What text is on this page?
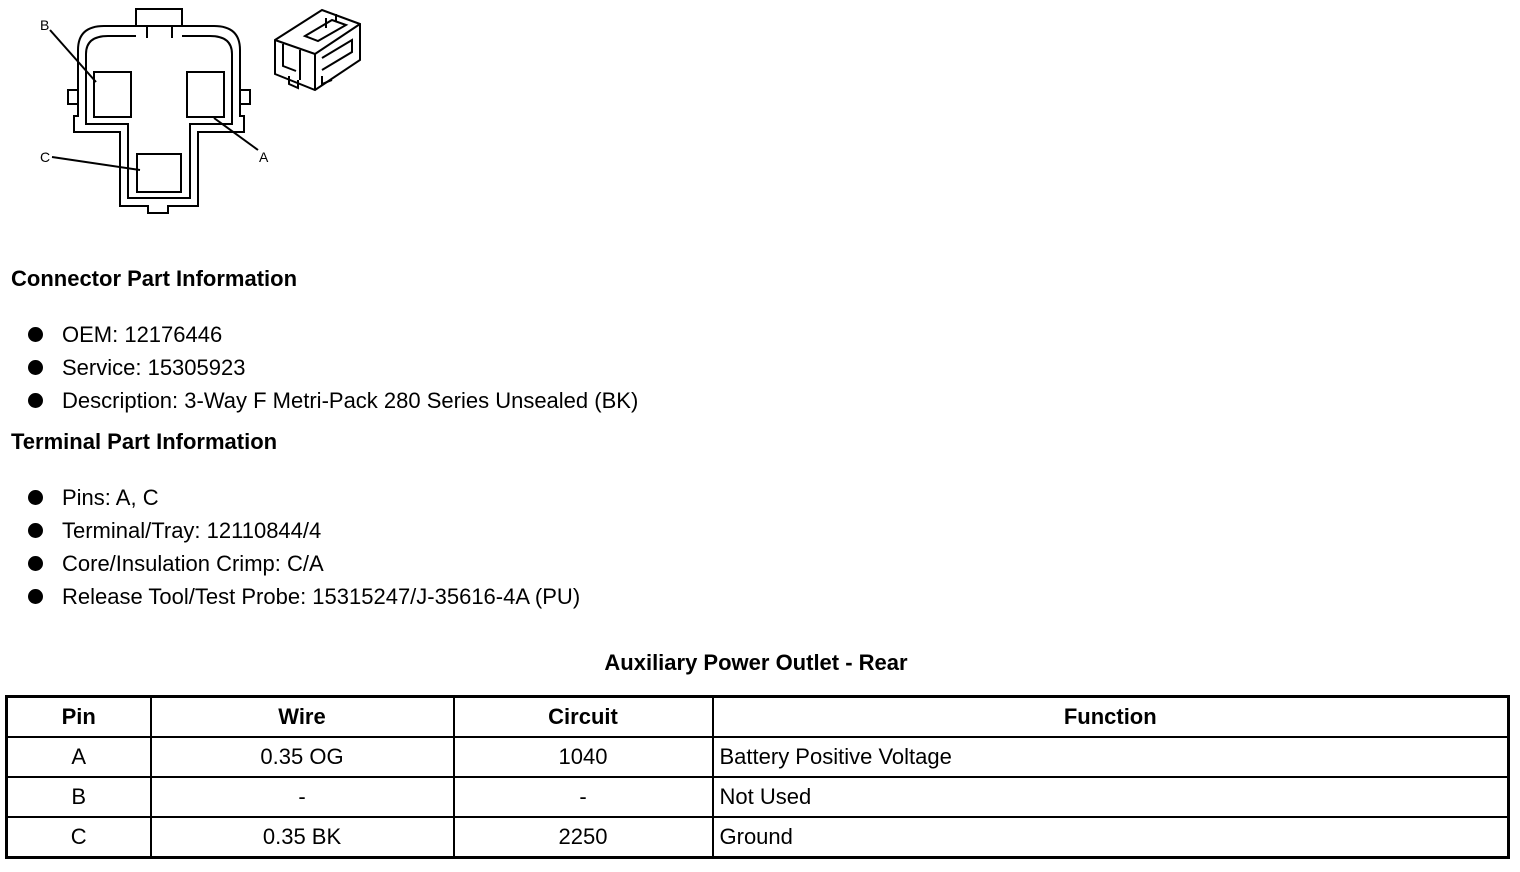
A
B
C
Connector Part Information
OEM: 12176446
Service: 15305923
Description: 3-Way F Metri-Pack 280 Series Unsealed (BK)
Terminal Part Information
Pins: A, C
Terminal/Tray: 12110844/4
Core/Insulation Crimp: C/A
Release Tool/Test Probe: 15315247/J-35616-4A (PU)
Auxiliary Power Outlet - Rear
Pin	Wire	Circuit	Function
A	0.35 OG	1040	Battery Positive Voltage
B	-	-	Not Used
C	0.35 BK	2250	Ground
